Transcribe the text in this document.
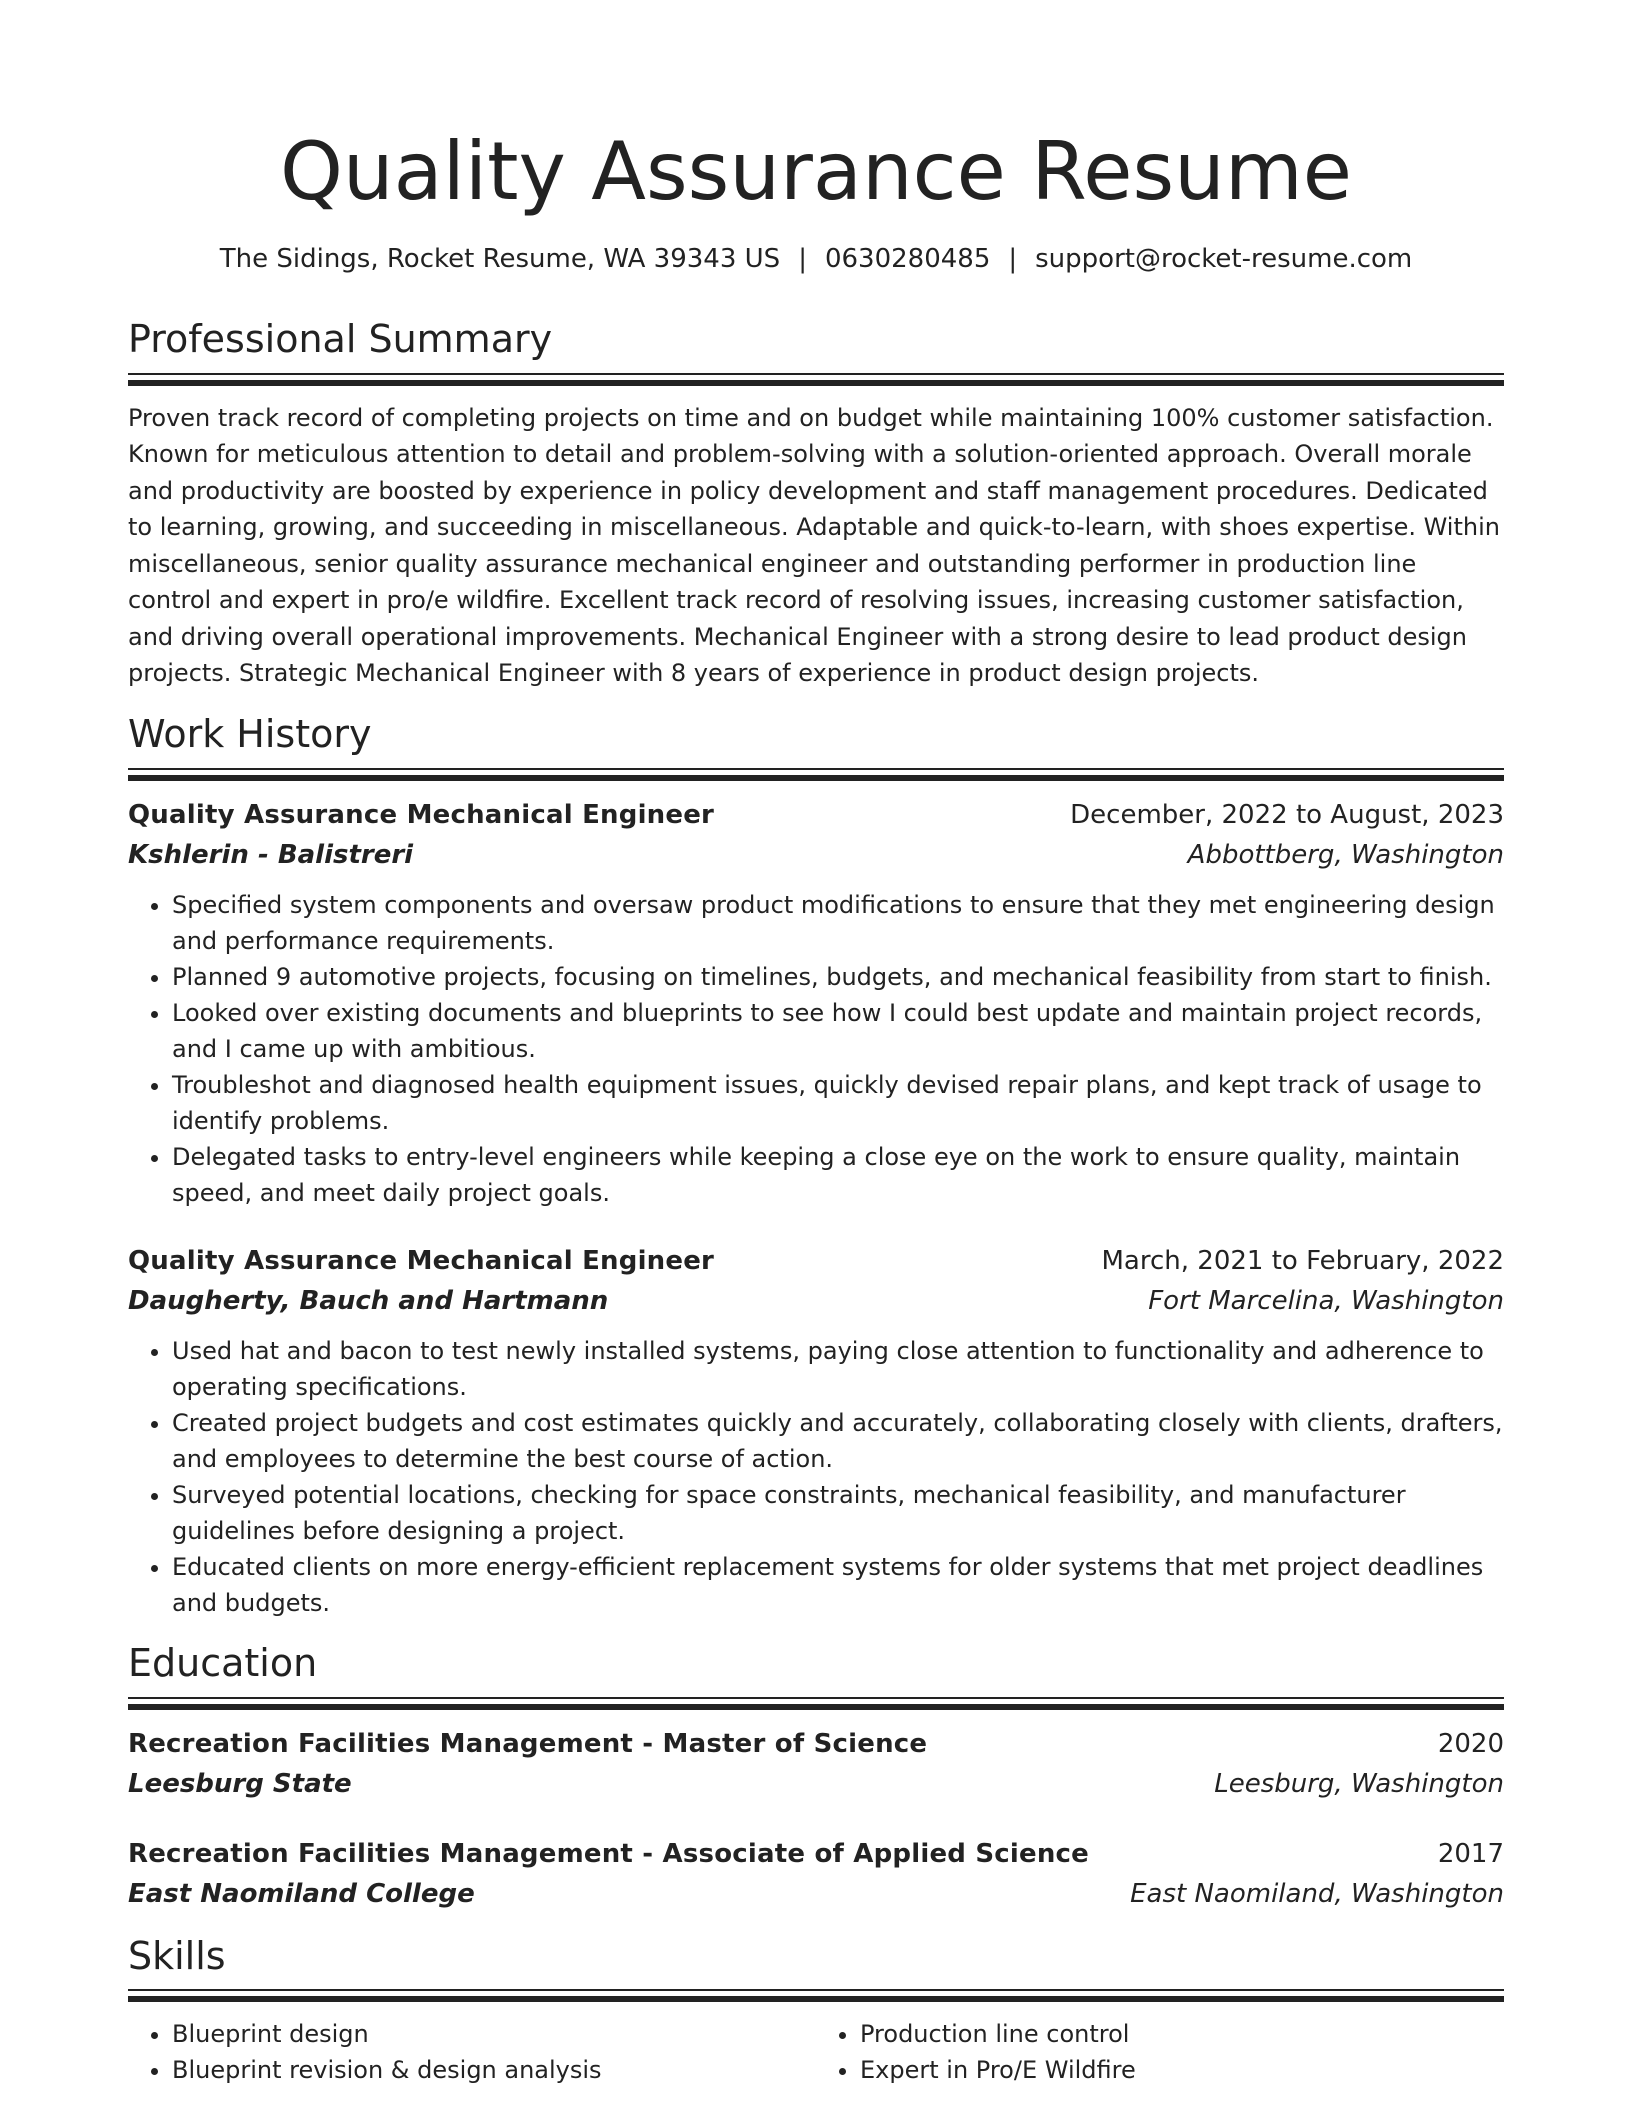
Quality Assurance Resume
The Sidings, Rocket Resume, WA 39343 US | 0630280485 | support@rocket-resume.com
Professional Summary

Proven track record of completing projects on time and on budget while maintaining 100% customer satisfaction. Known for meticulous attention to detail and problem-solving with a solution-oriented approach. Overall morale and productivity are boosted by experience in policy development and staff management procedures. Dedicated to learning, growing, and succeeding in miscellaneous. Adaptable and quick-to-learn, with shoes expertise. Within miscellaneous, senior quality assurance mechanical engineer and outstanding performer in production line control and expert in pro/e wildfire. Excellent track record of resolving issues, increasing customer satisfaction, and driving overall operational improvements. Mechanical Engineer with a strong desire to lead product design projects. Strategic Mechanical Engineer with 8 years of experience in product design projects.

Work History
Quality Assurance Mechanical Engineer	December, 2022 to August, 2023
Kshlerin - Balistreri	Abbottberg, Washington
• Specified system components and oversaw product modifications to ensure that they met engineering design and performance requirements.
• Planned 9 automotive projects, focusing on timelines, budgets, and mechanical feasibility from start to finish.
• Looked over existing documents and blueprints to see how I could best update and maintain project records, and I came up with ambitious.
• Troubleshot and diagnosed health equipment issues, quickly devised repair plans, and kept track of usage to identify problems.
• Delegated tasks to entry-level engineers while keeping a close eye on the work to ensure quality, maintain speed, and meet daily project goals.
Quality Assurance Mechanical Engineer	March, 2021 to February, 2022
Daugherty, Bauch and Hartmann	Fort Marcelina, Washington
• Used hat and bacon to test newly installed systems, paying close attention to functionality and adherence to operating specifications.
• Created project budgets and cost estimates quickly and accurately, collaborating closely with clients, drafters, and employees to determine the best course of action.
• Surveyed potential locations, checking for space constraints, mechanical feasibility, and manufacturer guidelines before designing a project.
• Educated clients on more energy-efficient replacement systems for older systems that met project deadlines and budgets.
Education
Recreation Facilities Management - Master of Science	2020
Leesburg State	Leesburg, Washington
Recreation Facilities Management - Associate of Applied Science	2017
East Naomiland College	East Naomiland, Washington
Skills
• Blueprint design
• Blueprint revision & design analysis
• Production line control
• Expert in Pro/E Wildfire
